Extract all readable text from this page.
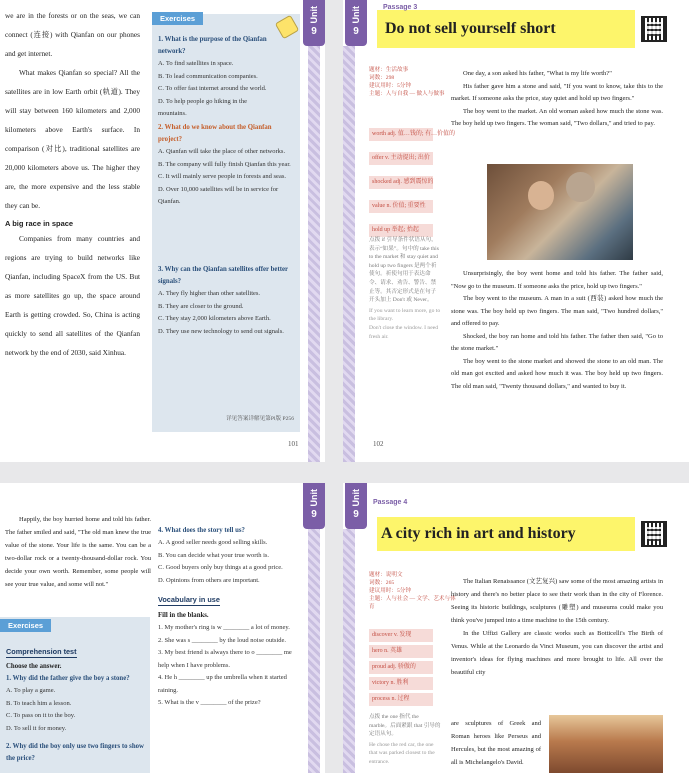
we are in the forests or on the seas, we can connect (连接) with Qianfan on our phones and get internet.

What makes Qianfan so special? All the satellites are in low Earth orbit (轨道). They will stay between 160 kilometers and 2,000 kilometers above Earth's surface. In comparison (对比), traditional satellites are 20,000 kilometers above us. The higher they are, the more expensive and the less stable they can be.

A big race in space

Companies from many countries and regions are trying to build networks like Qianfan, including SpaceX from the US. But as more satellites go up, the space around Earth is getting crowded. So, China is acting quickly to send all satellites of the Qianfan network by the end of 2030, said Xinhua.

Exercises

1. What is the purpose of the Qianfan network?

A. To find satellites in space.

B. To lead communication companies.

C. To offer fast internet around the world.

D. To help people go hiking in the mountains.

2. What do we know about the Qianfan project?

A. Qianfan will take the place of other networks.

B. The company will fully finish Qianfan this year.

C. It will mainly serve people in forests and seas.

D. Over 10,000 satellites will be in service for Qianfan.

3. Why can the Qianfan satellites offer better signals?

A. They fly higher than other satellites.

B. They are closer to the ground.

C. They stay 2,000 kilometers above Earth.

D. They use new technology to send out signals.

详见答案详解见第Pl版 P256

101
Unit
9
Unit
9
Passage 3
Do not sell yourself short

题材：生活故事

词数：298

建议用时：5分钟

主题：人与自我 — 做人与做事

worth adj. 值…钱的; 有…价值的
offer v. 主动提出; 出价
shocked adj. 感到震惊的
value n. 价值; 重要性
hold up 举起; 抬起

点拨 if 引导条件状语从句，表示“如果”。句中的 take this to the market 和 stay quiet and hold up two fingers 是两个祈使句。祈使句用于表达命令、请求、劝告、警告、禁止等。其否定形式是在句子开头加上 Don't 或 Never。

If you want to learn more, go to the library.

Don't close the window. I need fresh air.

One day, a son asked his father, "What is my life worth?"

His father gave him a stone and said, "If you want to know, take this to the market. If someone asks the price, stay quiet and hold up two fingers."

The boy went to the market. An old woman asked how much the stone was. The boy held up two fingers. The woman said, "Two dollars," and tried to pay.

Unsurprisingly, the boy went home and told his father. The father said, "Now go to the museum. If someone asks the price, hold up two fingers."

The boy went to the museum. A man in a suit (西装) asked how much the stone was. The boy held up two fingers. The man said, "Two hundred dollars," and offered to pay.

Shocked, the boy ran home and told his father. The father then said, "Go to the stone market."

The boy went to the stone market and showed the stone to an old man. The old man got excited and asked how much it was. The boy held up two fingers. The old man said, "Twenty thousand dollars," and wanted to buy it.

102

Happily, the boy hurried home and told his father. The father smiled and said, "The old man knew the true value of the stone. Your life is the same. You can be a two-dollar rock or a twenty-thousand-dollar rock. You decide your own worth. Remember, some people will see your true value, and some will not."

Exercises

Comprehension test

Choose the answer.

1. Why did the father give the boy a stone?

A. To play a game.

B. To teach him a lesson.

C. To pass on it to the boy.

D. To sell it for money.

2. Why did the boy only use two fingers to show the price?

4. What does the story tell us?

A. A good seller needs good selling skills.

B. You can decide what your true worth is.

C. Good buyers only buy things at a good price.

D. Opinions from others are important.

Vocabulary in use

Fill in the blanks.

1. My mother's ring is w ________ a lot of money.

2. She was s ________ by the loud noise outside.

3. My best friend is always there to o ________ me help when I have problems.

4. He h ________ up the umbrella when it started raining.

5. What is the v ________ of the prize?

Unit
9
Unit
9
Passage 4
A city rich in art and history

题材：说明文

词数：265

建议用时：5分钟

主题：人与社会 — 文学、艺术与体育

discover v. 发现
hero n. 英雄
proud adj. 骄傲的
victory n. 胜利
process n. 过程

点拨 the one 指代 the marble。后面紧跟 that 引导的定语从句。

He chose the red car, the one that was parked closest to the entrance.

The Italian Renaissance (文艺复兴) saw some of the most amazing artists in history and there's no better place to see their work than in the city of Florence. Seeing its historic buildings, sculptures (雕塑) and museums could make you think you've jumped into a time machine to the 15th century.

In the Uffizi Gallery are classic works such as Botticelli's The Birth of Venus. While at the Leonardo da Vinci Museum, you can discover the artist and inventor's ideas for flying machines and more brought to life. All over the beautiful city

are sculptures of Greek and Roman heroes like Perseus and Hercules, but the most amazing of all is Michelangelo's David.
